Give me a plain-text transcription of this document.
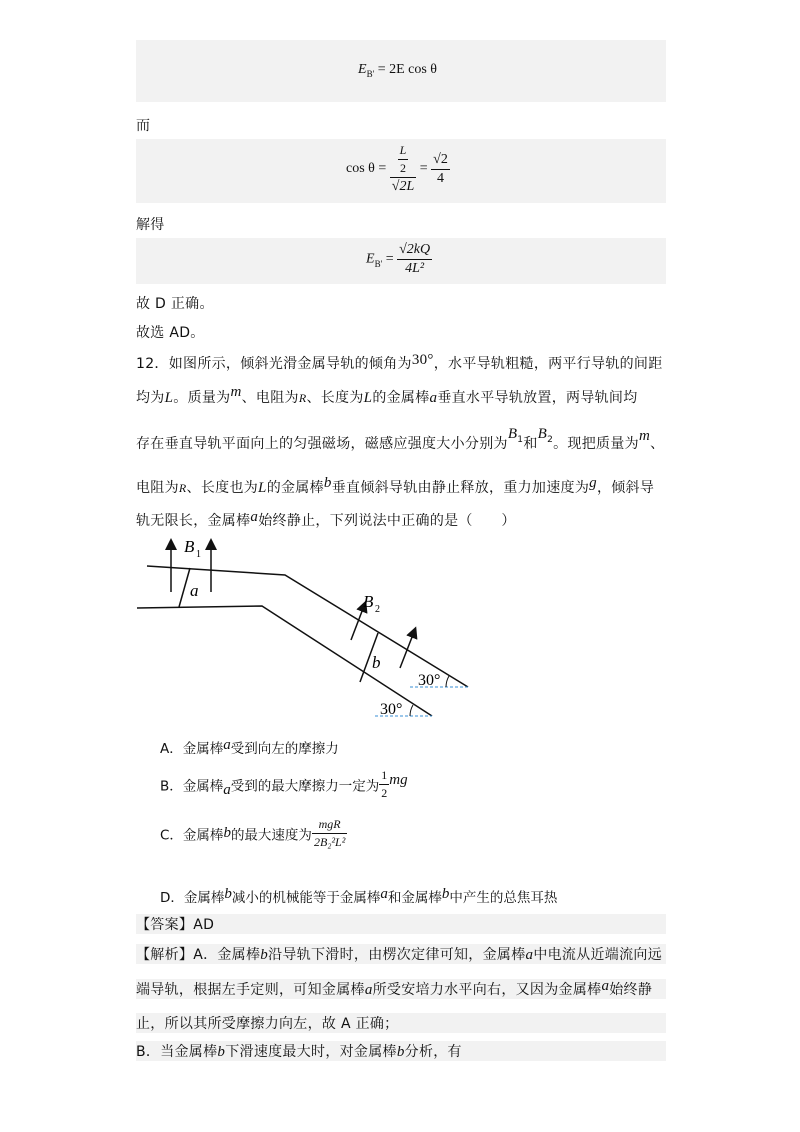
$E_{B'} = 2E$ cos θ
而
$\cos \theta = \frac{\frac{L}{2}}{√2L} = \frac{√2}{4}$
解得
$E_{B'} = \frac{√2kQ}{\text{4L²}}$
故 D 正确。
故选 AD。
12．如图所示，倾斜光滑金属导轨的倾角为30°，水平导轨粗糙，两平行导轨的间距
均为L。质量为m、电阻为R、长度为L的金属棒a垂直水平导轨放置，两导轨间均
存在垂直导轨平面向上的匀强磁场，磁感应强度大小分别为$B^1$和$B^2$。现把质量为m、
电阻为R、长度也为L的金属棒b垂直倾斜导轨由静止释放，重力加速度为g，倾斜导
轨无限长，金属棒a始终静止，下列说法中正确的是（　　）
B 1
a
B 2
b
30°
30°
A．金属棒a受到向左的摩擦力
B．金属棒a受到的最大摩擦力一定为 $\frac{1}{2}$ mg
C．金属棒b的最大速度为 $\frac{\text{mgR}}{\text{2B₂²L²}}$
D．金属棒b减小的机械能等于金属棒a和金属棒b中产生的总焦耳热
【答案】AD
【解析】A．金属棒b沿导轨下滑时，由楞次定律可知，金属棒a中电流从近端流向远
端导轨，根据左手定则，可知金属棒a所受安培力水平向右，又因为金属棒a始终静
止，所以其所受摩擦力向左，故 A 正确；
B．当金属棒b下滑速度最大时，对金属棒b分析，有
